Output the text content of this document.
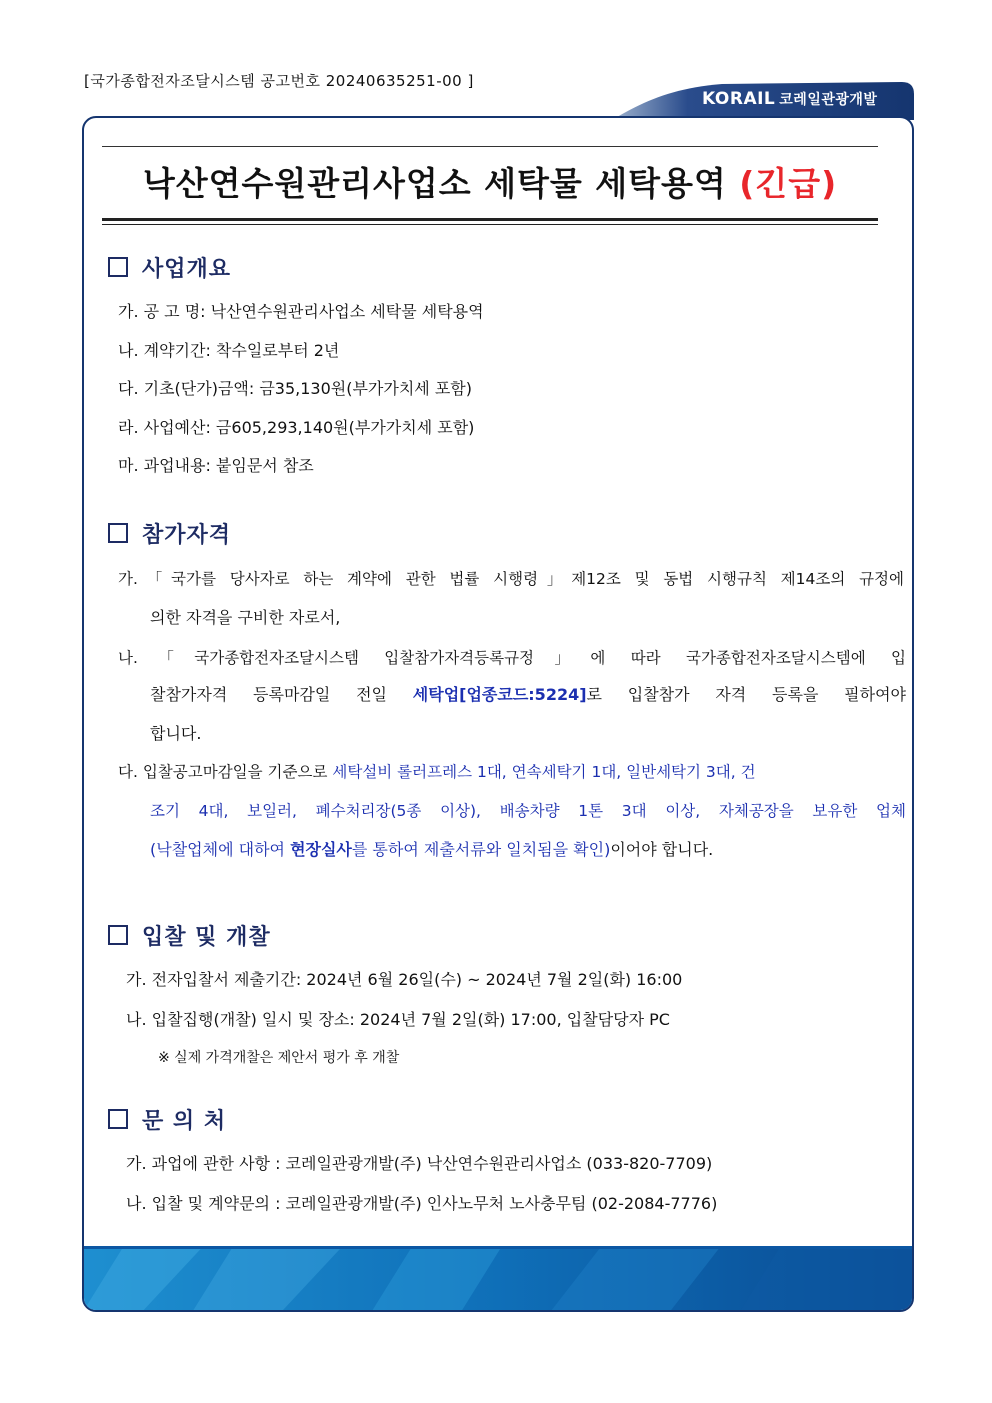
[국가종합전자조달시스템 공고번호 20240635251-00 ]
KORAIL 코레일관광개발
낙산연수원관리사업소 세탁물 세탁용역 (긴급)
사업개요
가. 공 고 명: 낙산연수원관리사업소 세탁물 세탁용역
나. 계약기간: 착수일로부터 2년
다. 기초(단가)금액: 금35,130원(부가가치세 포함)
라. 사업예산: 금605,293,140원(부가가치세 포함)
마. 과업내용: 붙임문서 참조
참가자격
가.「국가를 당사자로 하는 계약에 관한 법률 시행령」제12조 및 동법 시행규칙 제14조의 규정에
의한 자격을 구비한 자로서,
나.「국가종합전자조달시스템 입찰참가자격등록규정」에 따라 국가종합전자조달시스템에 입
찰참가자격 등록마감일 전일 세탁업[업종코드:5224]로 입찰참가 자격 등록을 필하여야
합니다.
다. 입찰공고마감일을 기준으로 세탁설비 롤러프레스 1대, 연속세탁기 1대, 일반세탁기 3대, 건
조기 4대, 보일러, 폐수처리장(5종 이상), 배송차량 1톤 3대 이상, 자체공장을 보유한 업체
(낙찰업체에 대하여 현장실사를 통하여 제출서류와 일치됨을 확인)이어야 합니다.
입찰 및 개찰
가. 전자입찰서 제출기간: 2024년 6월 26일(수) ~ 2024년 7월 2일(화) 16:00
나. 입찰집행(개찰) 일시 및 장소: 2024년 7월 2일(화) 17:00, 입찰담당자 PC
※ 실제 가격개찰은 제안서 평가 후 개찰
문 의 처
가. 과업에 관한 사항 : 코레일관광개발(주) 낙산연수원관리사업소 (033-820-7709)
나. 입찰 및 계약문의 : 코레일관광개발(주) 인사노무처 노사충무팀 (02-2084-7776)
